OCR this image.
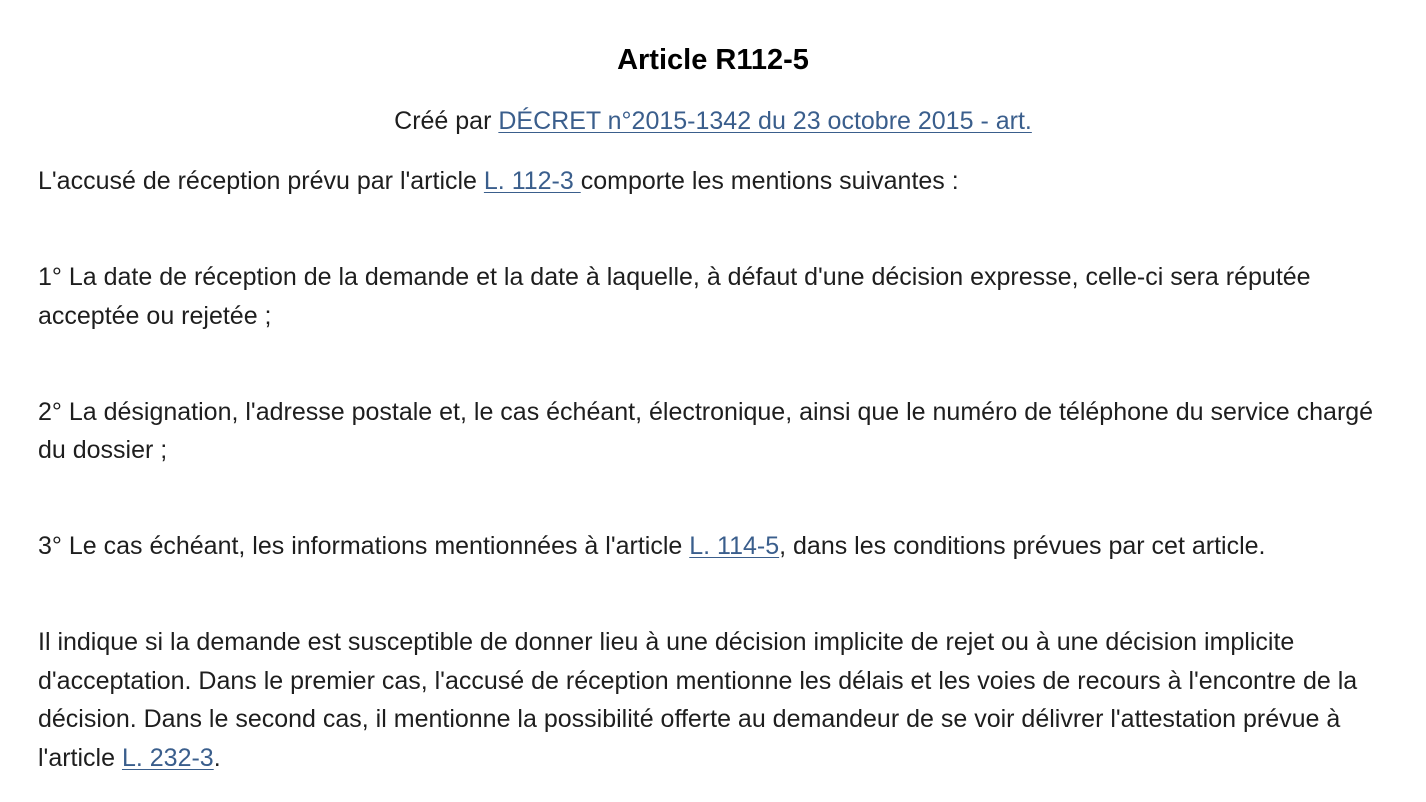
Article R112-5

Créé par DÉCRET n°2015-1342 du 23 octobre 2015 - art.

L'accusé de réception prévu par l'article L. 112-3 comporte les mentions suivantes :

1° La date de réception de la demande et la date à laquelle, à défaut d'une décision expresse, celle-ci sera réputée acceptée ou rejetée ;

2° La désignation, l'adresse postale et, le cas échéant, électronique, ainsi que le numéro de téléphone du service chargé du dossier ;

3° Le cas échéant, les informations mentionnées à l'article L. 114-5, dans les conditions prévues par cet article.

Il indique si la demande est susceptible de donner lieu à une décision implicite de rejet ou à une décision implicite d'acceptation. Dans le premier cas, l'accusé de réception mentionne les délais et les voies de recours à l'encontre de la décision. Dans le second cas, il mentionne la possibilité offerte au demandeur de se voir délivrer l'attestation prévue à l'article L. 232-3.
